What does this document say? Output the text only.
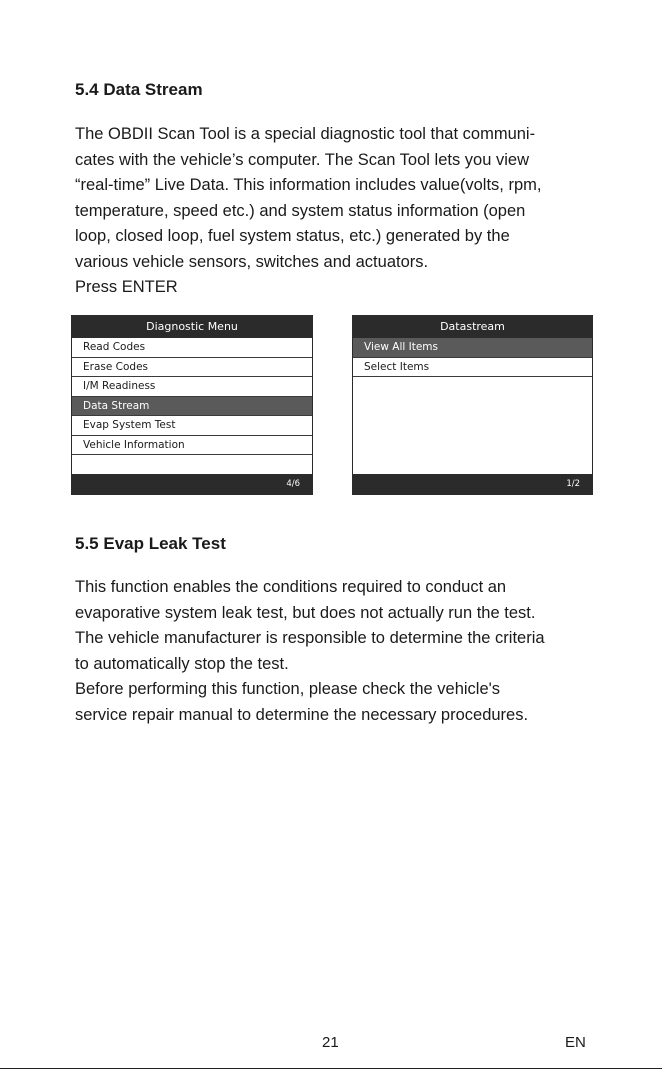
5.4 Data Stream
The OBDII Scan Tool is a special diagnostic tool that communi-
cates with the vehicle’s computer. The Scan Tool lets you view
“real-time” Live Data. This information includes value(volts, rpm,
temperature, speed etc.) and system status information (open
loop, closed loop, fuel system status, etc.) generated by the
various vehicle sensors, switches and actuators.
Press ENTER
Diagnostic Menu
Read Codes
Erase Codes
I/M Readiness
Data Stream
Evap System Test
Vehicle Information
4/6
Datastream
View All Items
Select Items
1/2
5.5 Evap Leak Test
This function enables the conditions required to conduct an
evaporative system leak test, but does not actually run the test.
The vehicle manufacturer is responsible to determine the criteria
to automatically stop the test.
Before performing this function, please check the vehicle's
service repair manual to determine the necessary procedures.
21	EN
